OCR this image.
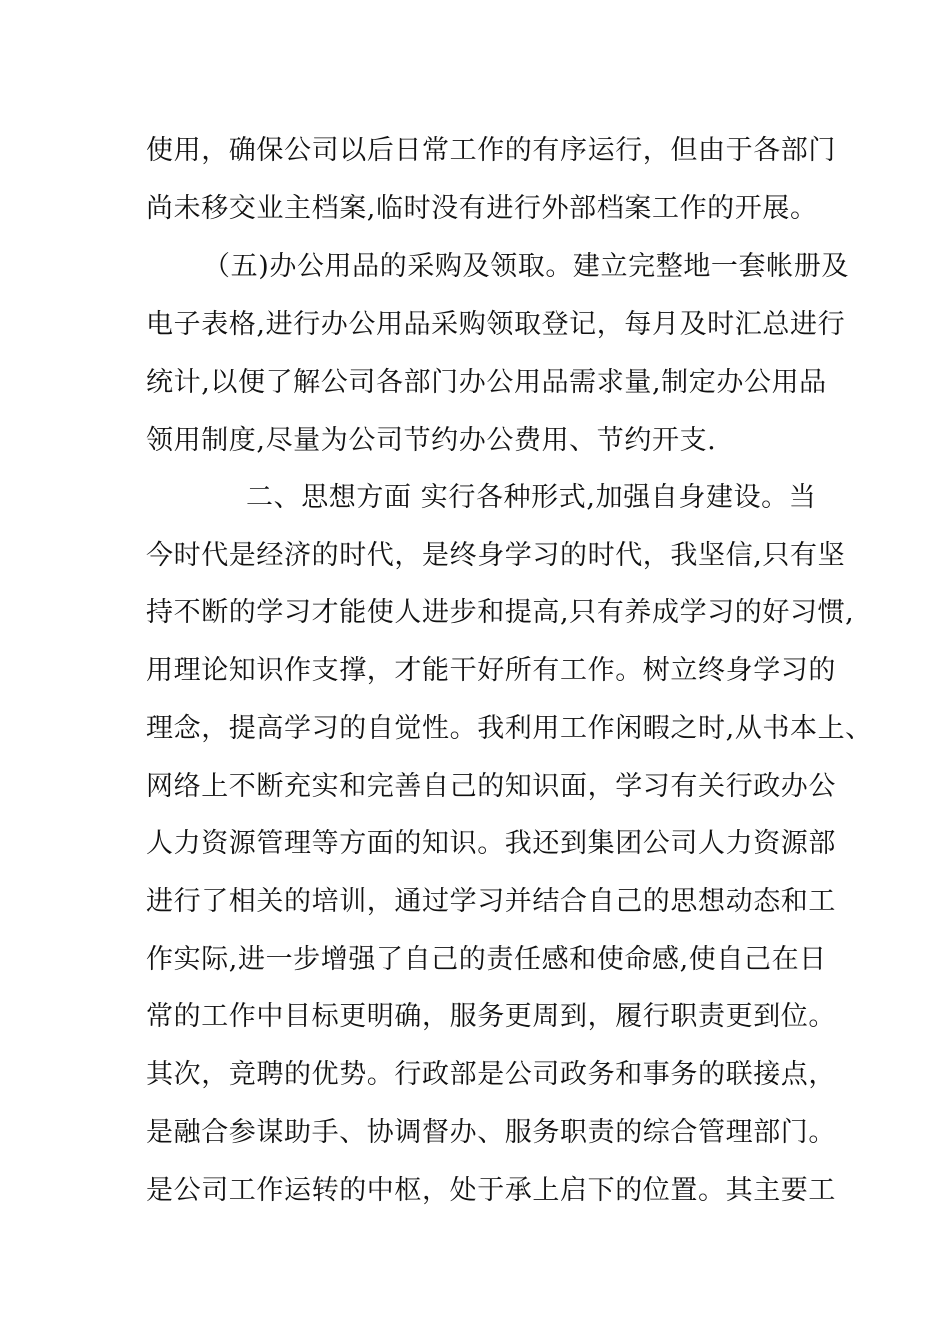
使用，确保公司以后日常工作的有序运行，但由于各部门
尚未移交业主档案,临时没有进行外部档案工作的开展。
（五)办公用品的采购及领取。建立完整地一套帐册及
电子表格,进行办公用品采购领取登记，每月及时汇总进行
统计,以便了解公司各部门办公用品需求量,制定办公用品
领用制度,尽量为公司节约办公费用、节约开支.
二、思想方面 实行各种形式,加强自身建设。当
今时代是经济的时代，是终身学习的时代，我坚信,只有坚
持不断的学习才能使人进步和提高,只有养成学习的好习惯,
用理论知识作支撑，才能干好所有工作。树立终身学习的
理念，提高学习的自觉性。我利用工作闲暇之时,从书本上、
网络上不断充实和完善自己的知识面，学习有关行政办公
人力资源管理等方面的知识。我还到集团公司人力资源部
进行了相关的培训，通过学习并结合自己的思想动态和工
作实际,进一步增强了自己的责任感和使命感,使自己在日
常的工作中目标更明确，服务更周到，履行职责更到位。
其次，竞聘的优势。行政部是公司政务和事务的联接点，
是融合参谋助手、协调督办、服务职责的综合管理部门。
是公司工作运转的中枢，处于承上启下的位置。其主要工
